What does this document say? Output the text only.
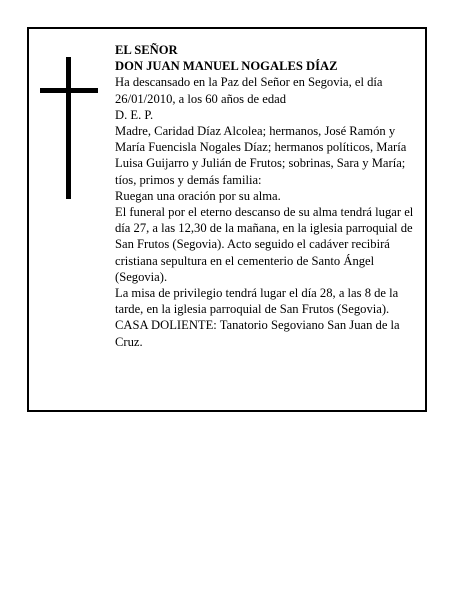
EL SEÑOR

DON JUAN MANUEL NOGALES DÍAZ

Ha descansado en la Paz del Señor en Segovia, el día 26/01/2010, a los 60 años de edad

D. E. P.

Madre, Caridad Díaz Alcolea; hermanos, José Ramón y María Fuencisla Nogales Díaz; hermanos políticos, María Luisa Guijarro y Julián de Frutos; sobrinas, Sara y María; tíos, primos y demás familia:

Ruegan una oración por su alma.

El funeral por el eterno descanso de su alma tendrá lugar el día 27, a las 12,30 de la mañana, en la iglesia parroquial de San Frutos (Segovia). Acto seguido el cadáver recibirá cristiana sepultura en el cementerio de Santo Ángel (Segovia).

La misa de privilegio tendrá lugar el día 28, a las 8 de la tarde, en la iglesia parroquial de San Frutos (Segovia).

CASA DOLIENTE: Tanatorio Segoviano San Juan de la Cruz.
